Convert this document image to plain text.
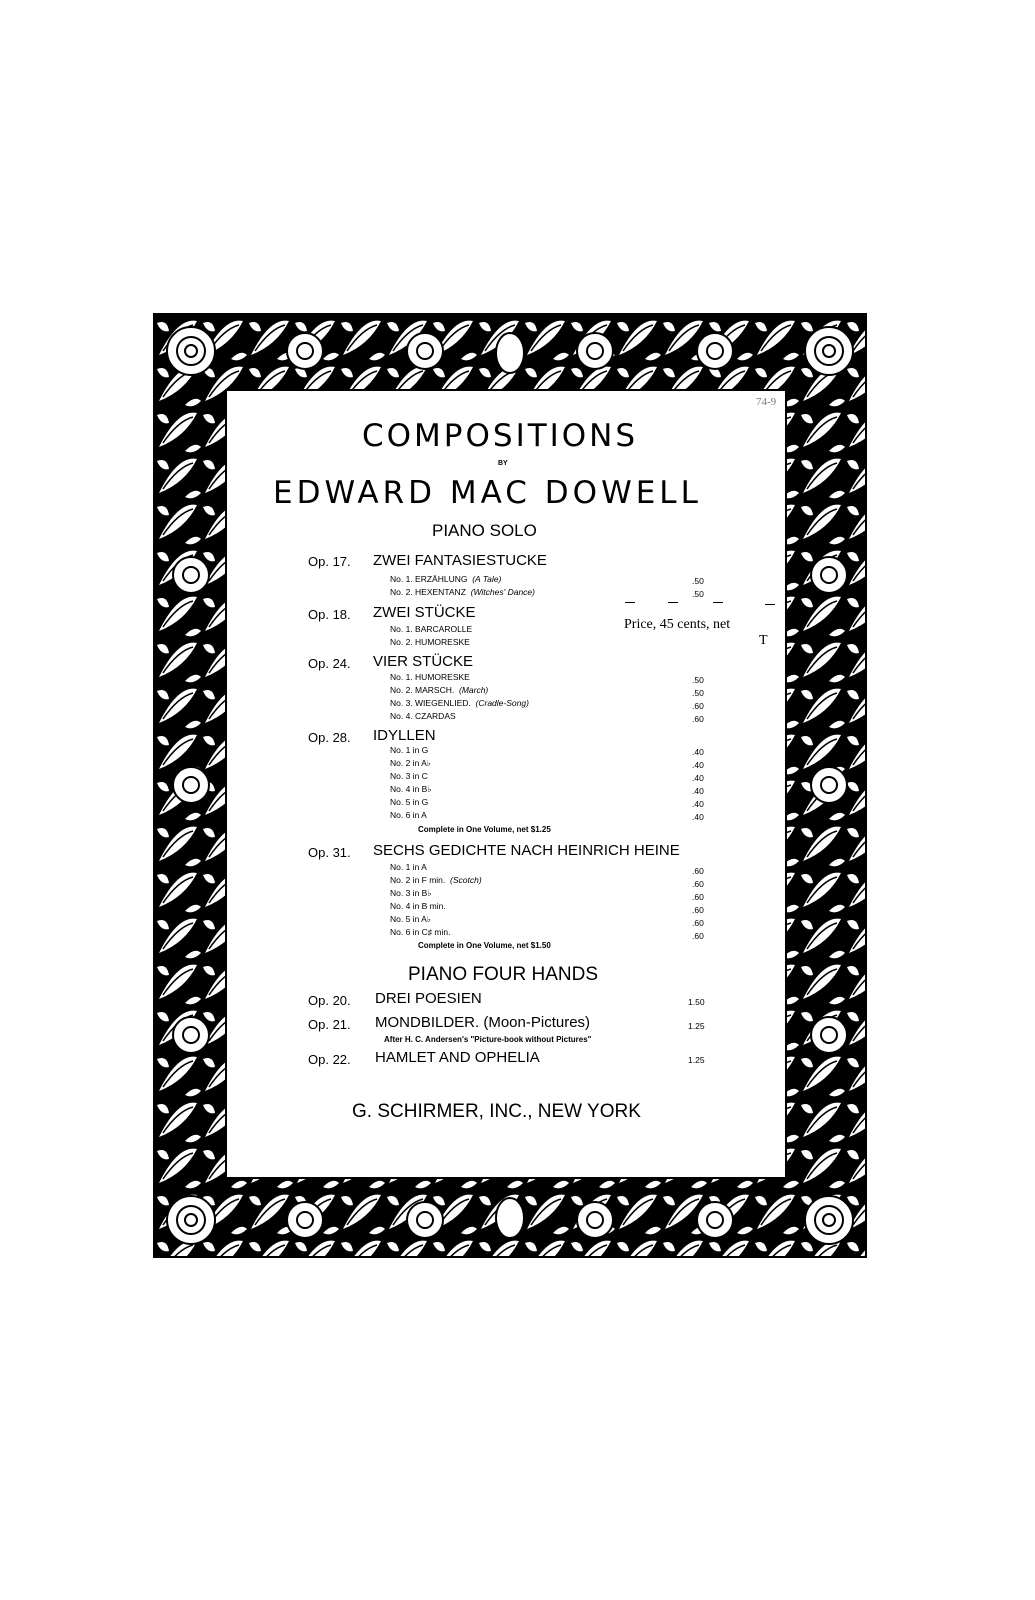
74-9
COMPOSITIONS
BY
EDWARD MAC DOWELL
PIANO SOLO
Op. 17. ZWEI FANTASIESTUCKE
No. 1. ERZÄHLUNG (A Tale)	.50
No. 2. HEXENTANZ (Witches' Dance)	.50
Op. 18. ZWEI STÜCKE
No. 1. BARCAROLLE
No. 2. HUMORESKE
Price, 45 cents, net
T
Op. 24. VIER STÜCKE
No. 1. HUMORESKE	.50
No. 2. MARSCH. (March)	.50
No. 3. WIEGENLIED. (Cradle-Song)	.60
No. 4. CZARDAS	.60
Op. 28. IDYLLEN
No. 1 in G	.40
No. 2 in A♭	.40
No. 3 in C	.40
No. 4 in B♭	.40
No. 5 in G	.40
No. 6 in A	.40
Complete in One Volume, net $1.25
Op. 31. SECHS GEDICHTE NACH HEINRICH HEINE
No. 1 in A	.60
No. 2 in F min. (Scotch)	.60
No. 3 in B♭	.60
No. 4 in B min.	.60
No. 5 in A♭	.60
No. 6 in C♯ min.	.60
Complete in One Volume, net $1.50
PIANO FOUR HANDS
Op. 20. DREI POESIEN	1.50
Op. 21. MONDBILDER. (Moon-Pictures)	1.25
After H. C. Andersen's "Picture-book without Pictures"
Op. 22. HAMLET AND OPHELIA	1.25
G. SCHIRMER, INC., NEW YORK
